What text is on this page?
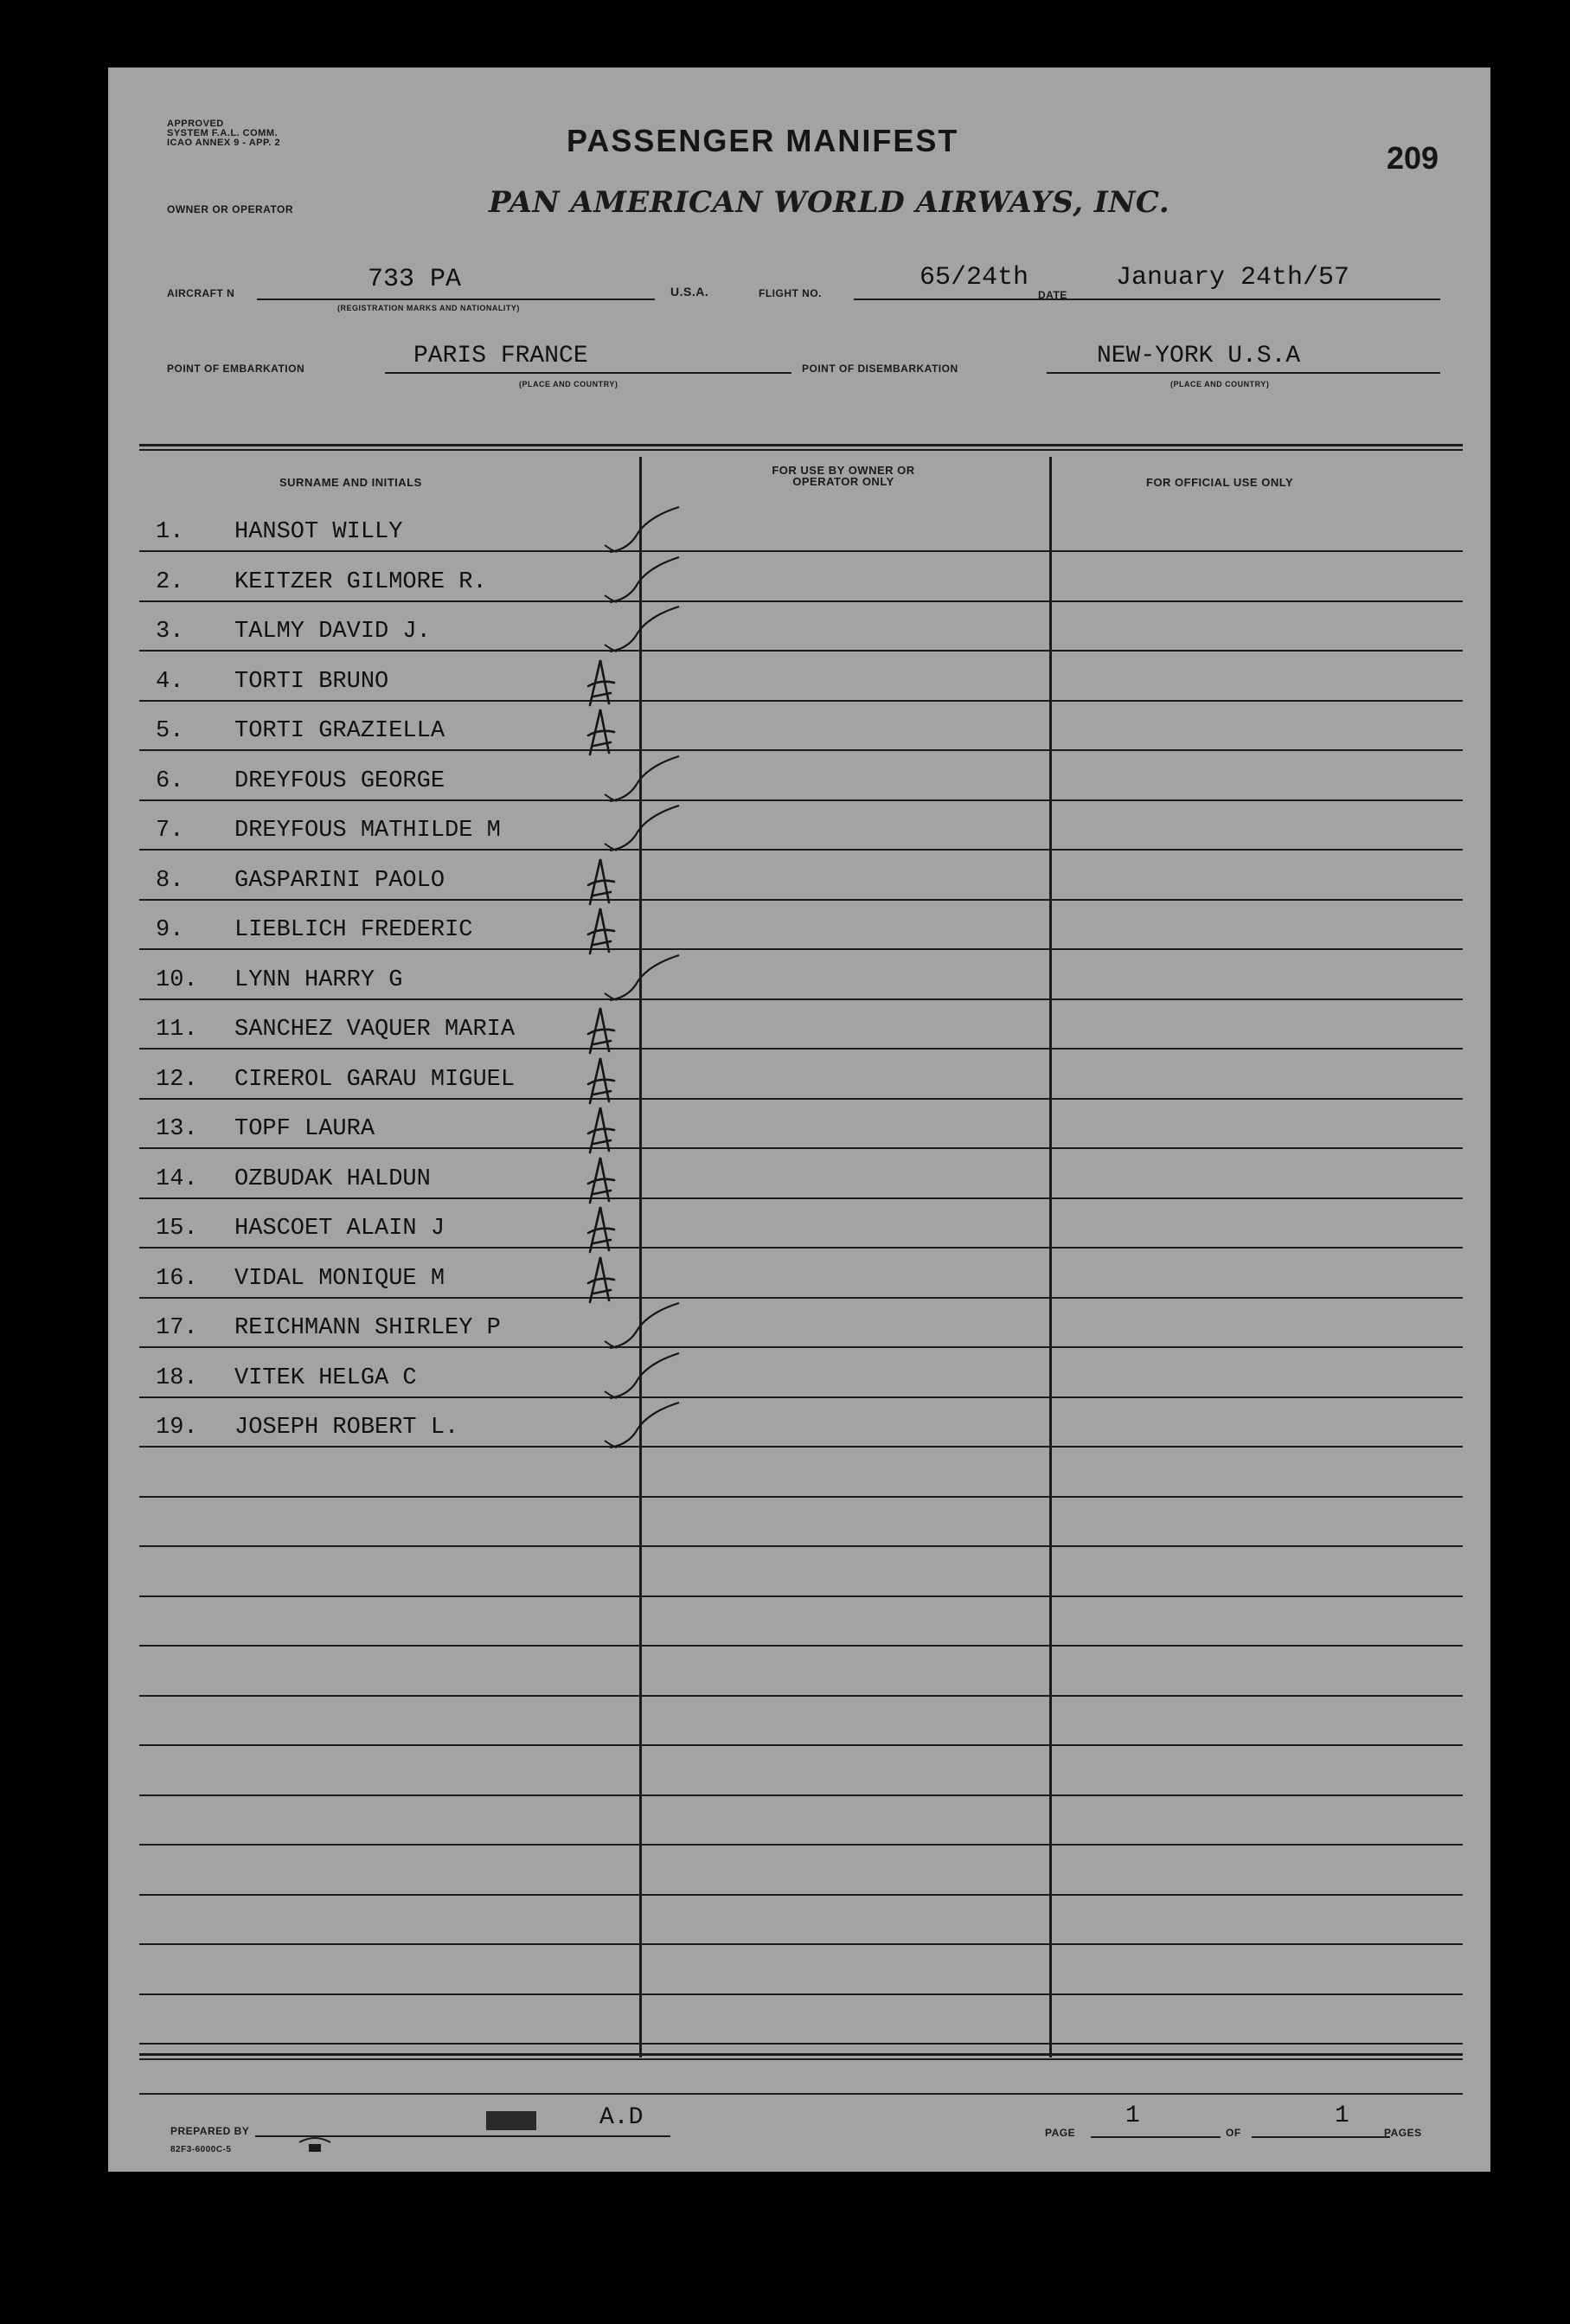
APPROVED
SYSTEM F.A.L. COMM.
ICAO ANNEX 9 - APP. 2	PASSENGER MANIFEST	209
OWNER OR OPERATOR	PAN AMERICAN WORLD AIRWAYS, INC.
AIRCRAFT N	733 PA
(REGISTRATION MARKS AND NATIONALITY)
U.S.A.	FLIGHT NO.
65/24th
DATE
January 24th/57
POINT OF EMBARKATION	PARIS FRANCE
(PLACE AND COUNTRY)
POINT OF DISEMBARKATION	NEW-YORK U.S.A
(PLACE AND COUNTRY)
SURNAME AND INITIALS
FOR USE BY OWNER OR OPERATOR ONLY	FOR OFFICIAL USE ONLY
1. HANSOT WILLY
2. KEITZER GILMORE R.
3. TALMY DAVID J.
4. TORTI BRUNO
5. TORTI GRAZIELLA
6. DREYFOUS GEORGE
7. DREYFOUS MATHILDE M
8. GASPARINI PAOLO
9. LIEBLICH FREDERIC
10. LYNN HARRY G
11. SANCHEZ VAQUER MARIA
12. CIREROL GARAU MIGUEL
13. TOPF LAURA
14. OZBUDAK HALDUN
15. HASCOET ALAIN J
16. VIDAL MONIQUE M
17. REICHMANN SHIRLEY P
18. VITEK HELGA C
19. JOSEPH ROBERT L.
PREPARED BY	A.D
82F3-6000C-5
PAGE
1
OF
1
PAGES
